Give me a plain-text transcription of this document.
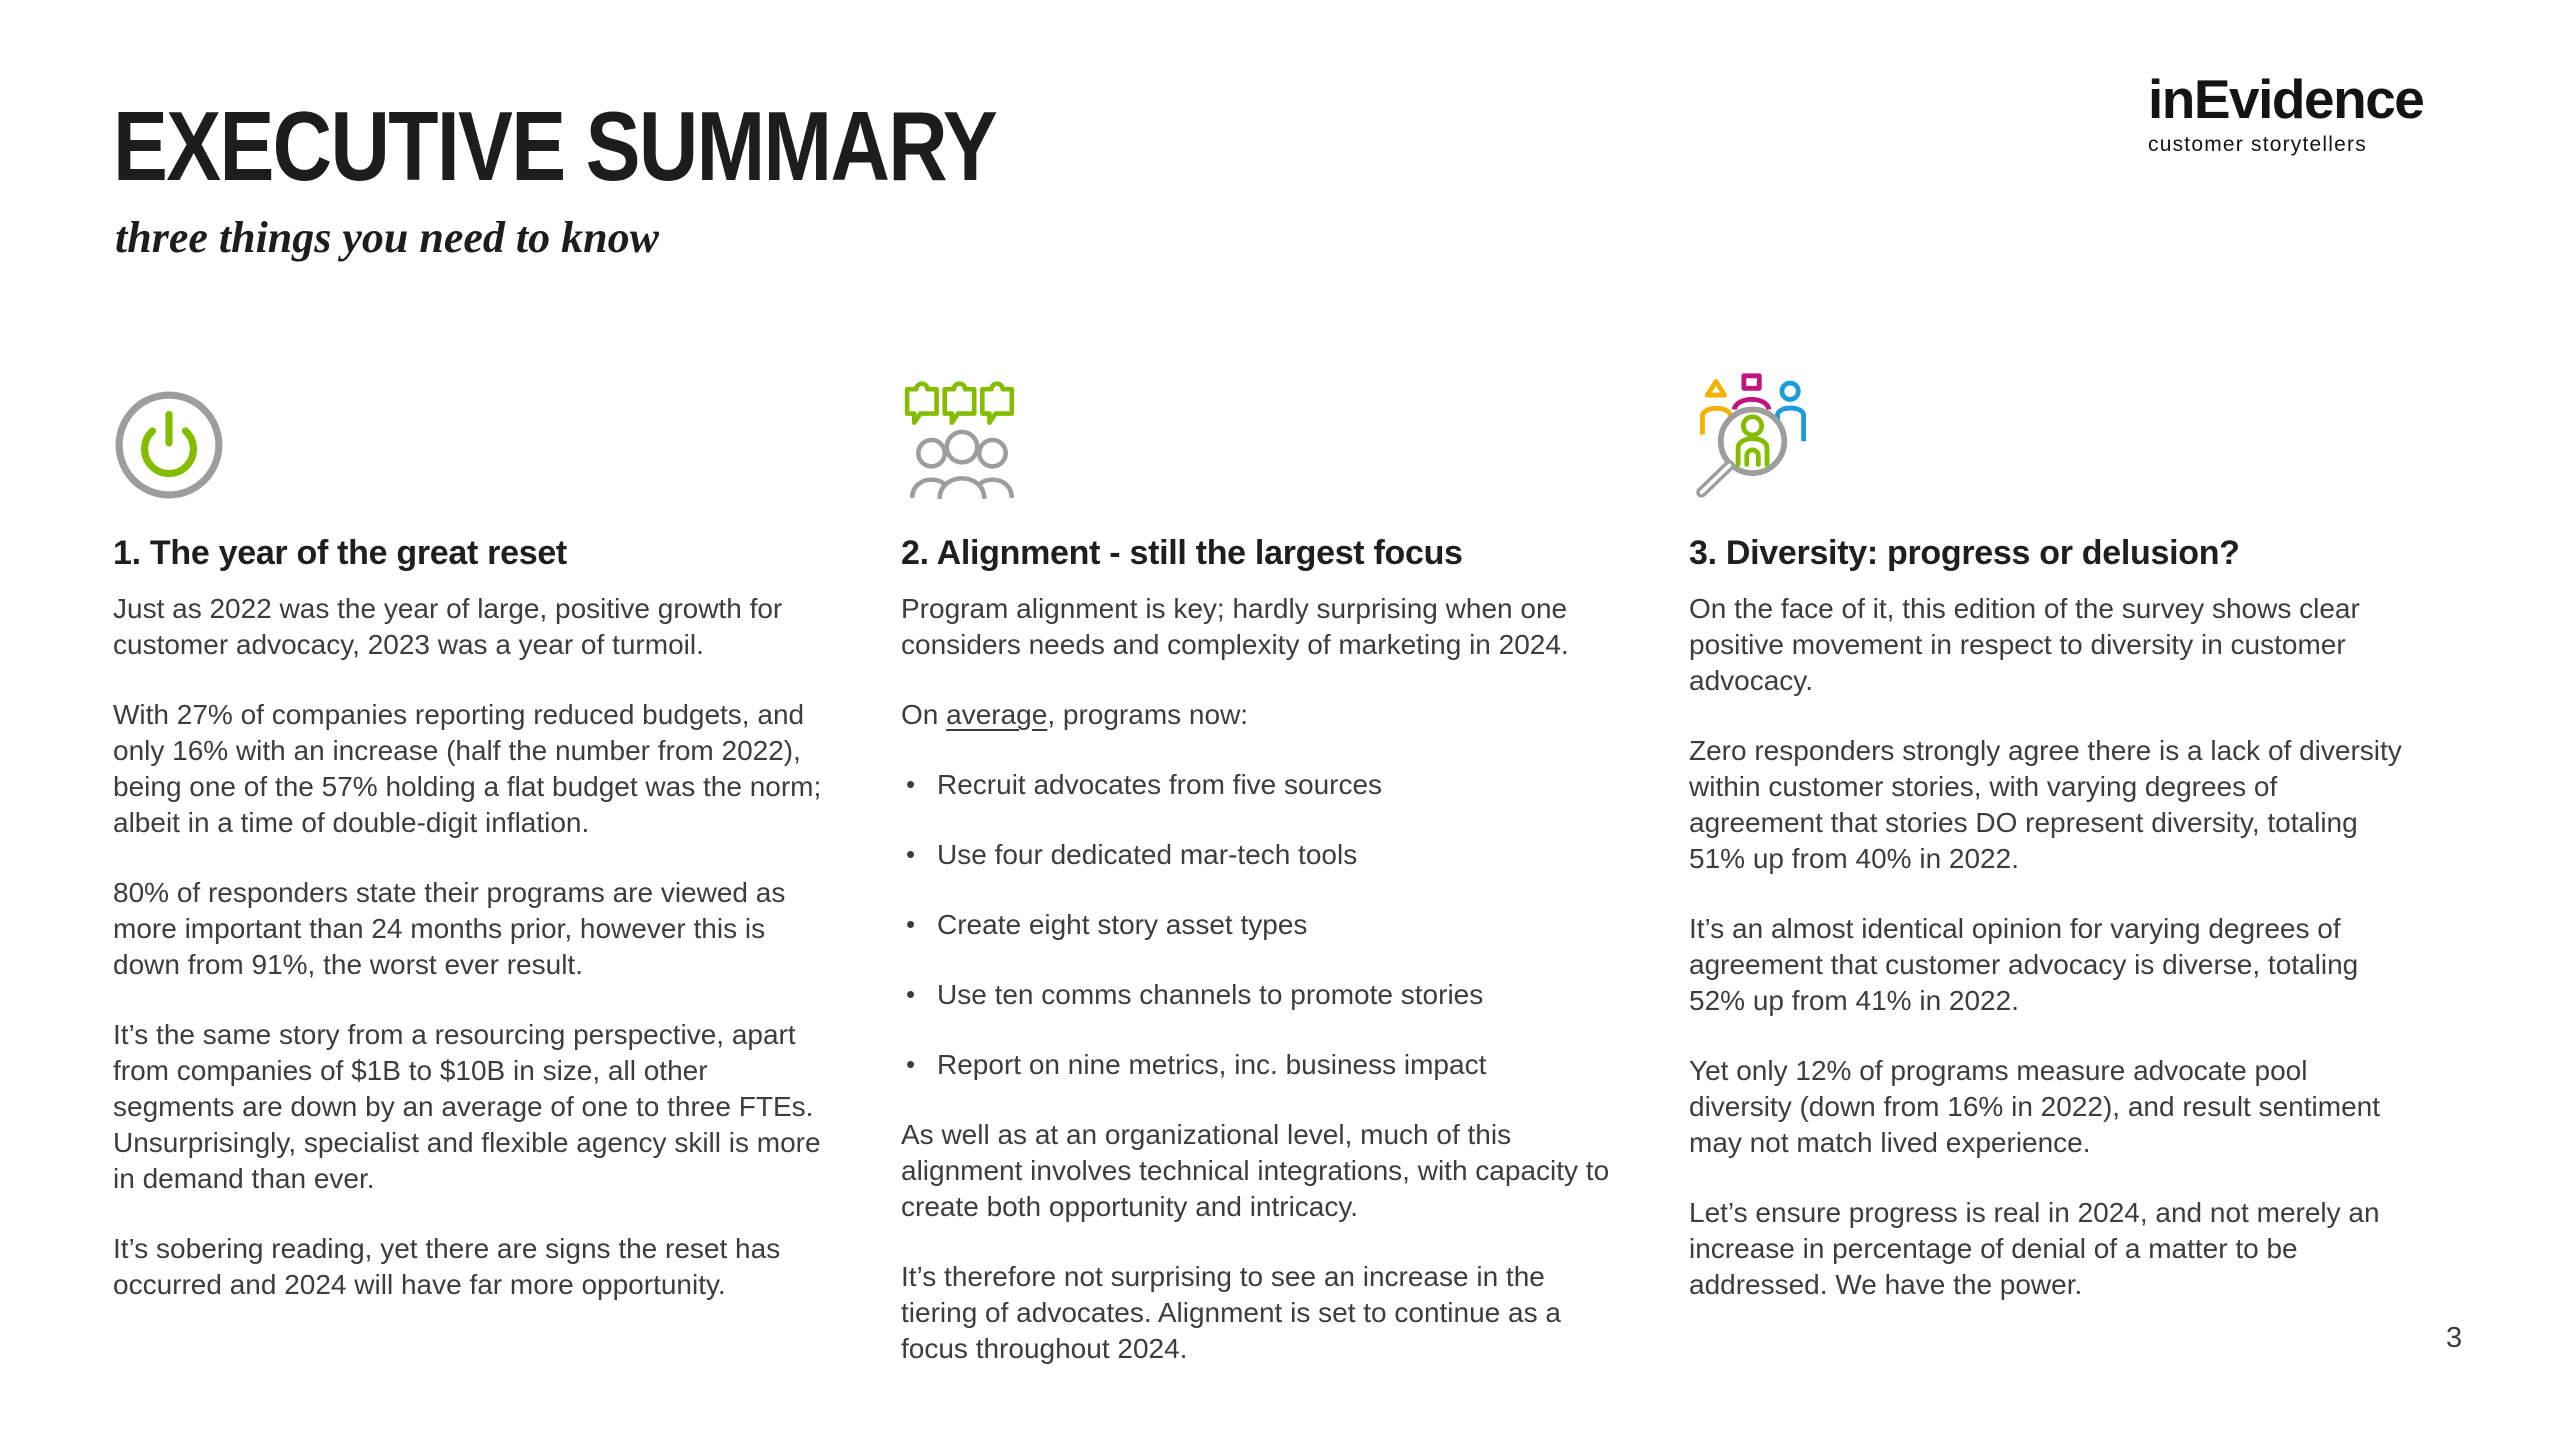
EXECUTIVE SUMMARY
three things you need to know
inEvidence
customer storytellers
1. The year of the great reset

Just as 2022 was the year of large, positive growth for customer advocacy, 2023 was a year of turmoil.

With 27% of companies reporting reduced budgets, and only 16% with an increase (half the number from 2022), being one of the 57% holding a flat budget was the norm; albeit in a time of double-digit inflation.

80% of responders state their programs are viewed as more important than 24 months prior, however this is down from 91%, the worst ever result.

It’s the same story from a resourcing perspective, apart from companies of $1B to $10B in size, all other segments are down by an average of one to three FTEs. Unsurprisingly, specialist and flexible agency skill is more in demand than ever.

It’s sobering reading, yet there are signs the reset has occurred and 2024 will have far more opportunity.

2. Alignment - still the largest focus

Program alignment is key; hardly surprising when one considers needs and complexity of marketing in 2024.

On average, programs now:

• Recruit advocates from five sources
• Use four dedicated mar-tech tools
• Create eight story asset types
• Use ten comms channels to promote stories
• Report on nine metrics, inc. business impact

As well as at an organizational level, much of this alignment involves technical integrations, with capacity to create both opportunity and intricacy.

It’s therefore not surprising to see an increase in the tiering of advocates. Alignment is set to continue as a focus throughout 2024.

3. Diversity: progress or delusion?

On the face of it, this edition of the survey shows clear positive movement in respect to diversity in customer advocacy.

Zero responders strongly agree there is a lack of diversity within customer stories, with varying degrees of agreement that stories DO represent diversity, totaling 51% up from 40% in 2022.

It’s an almost identical opinion for varying degrees of agreement that customer advocacy is diverse, totaling 52% up from 41% in 2022.

Yet only 12% of programs measure advocate pool diversity (down from 16% in 2022), and result sentiment may not match lived experience.

Let’s ensure progress is real in 2024, and not merely an increase in percentage of denial of a matter to be addressed. We have the power.

3
